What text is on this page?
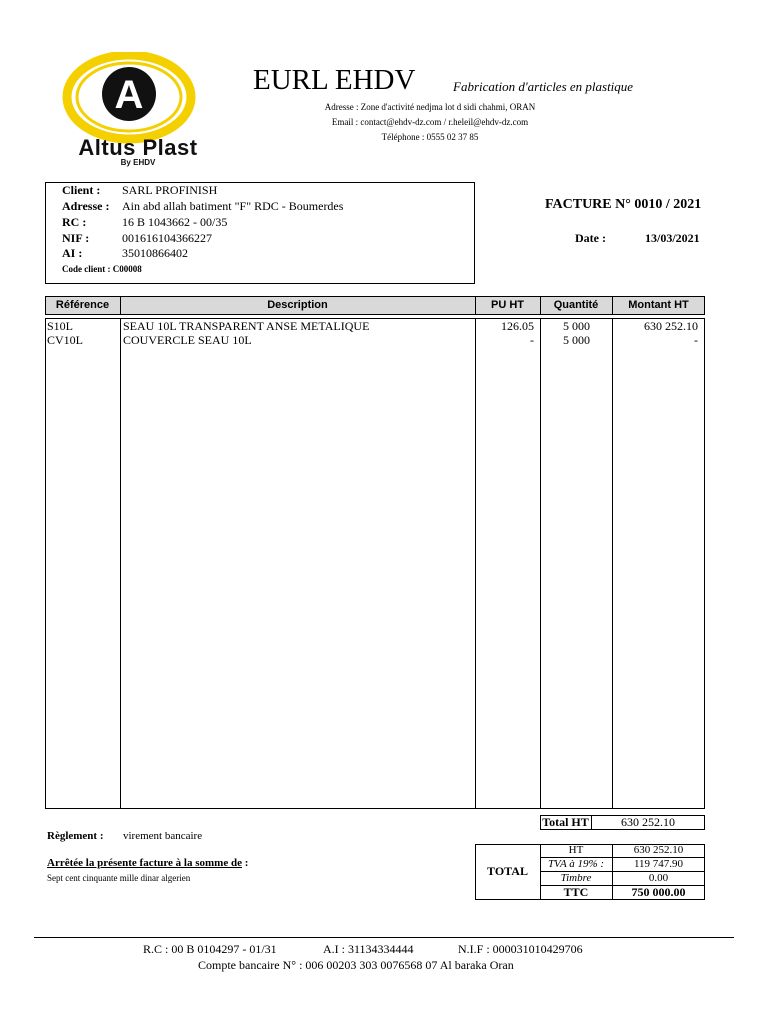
A
Altus Plast
By EHDV
EURL EHDV	Fabrication d'articles en plastique
Adresse : Zone d'activité nedjma lot d sidi chahmi, ORAN
Email : contact@ehdv-dz.com / r.heleil@ehdv-dz.com
Téléphone : 0555 02 37 85
Client : SARL PROFINISH
Adresse : Ain abd allah batiment "F" RDC - Boumerdes
RC :	16 B 1043662 - 00/35
NIF :	001616104366227
AI :	35010866402
Code client : C00008
FACTURE N° 0010 / 2021
Date :	13/03/2021
Référence	Description	PU HT	Quantité	Montant HT
S10L	SEAU 10L TRANSPARENT ANSE METALIQUE	126.05	5 000	630 252.10
CV10L	COUVERCLE SEAU 10L	-	5 000	-
Total HT	630 252.10
Règlement : virement bancaire
Arrêtée la présente facture à la somme de :
Sept cent cinquante mille dinar algerien	TOTAL
HT	630 252.10
TVA à 19% :	119 747.90
Timbre	0.00
TTC	750 000.00
R.C : 00 B 0104297 - 01/31	A.I : 31134334444	N.I.F : 000031010429706
Compte bancaire N° : 006 00203 303 0076568 07 Al baraka Oran
